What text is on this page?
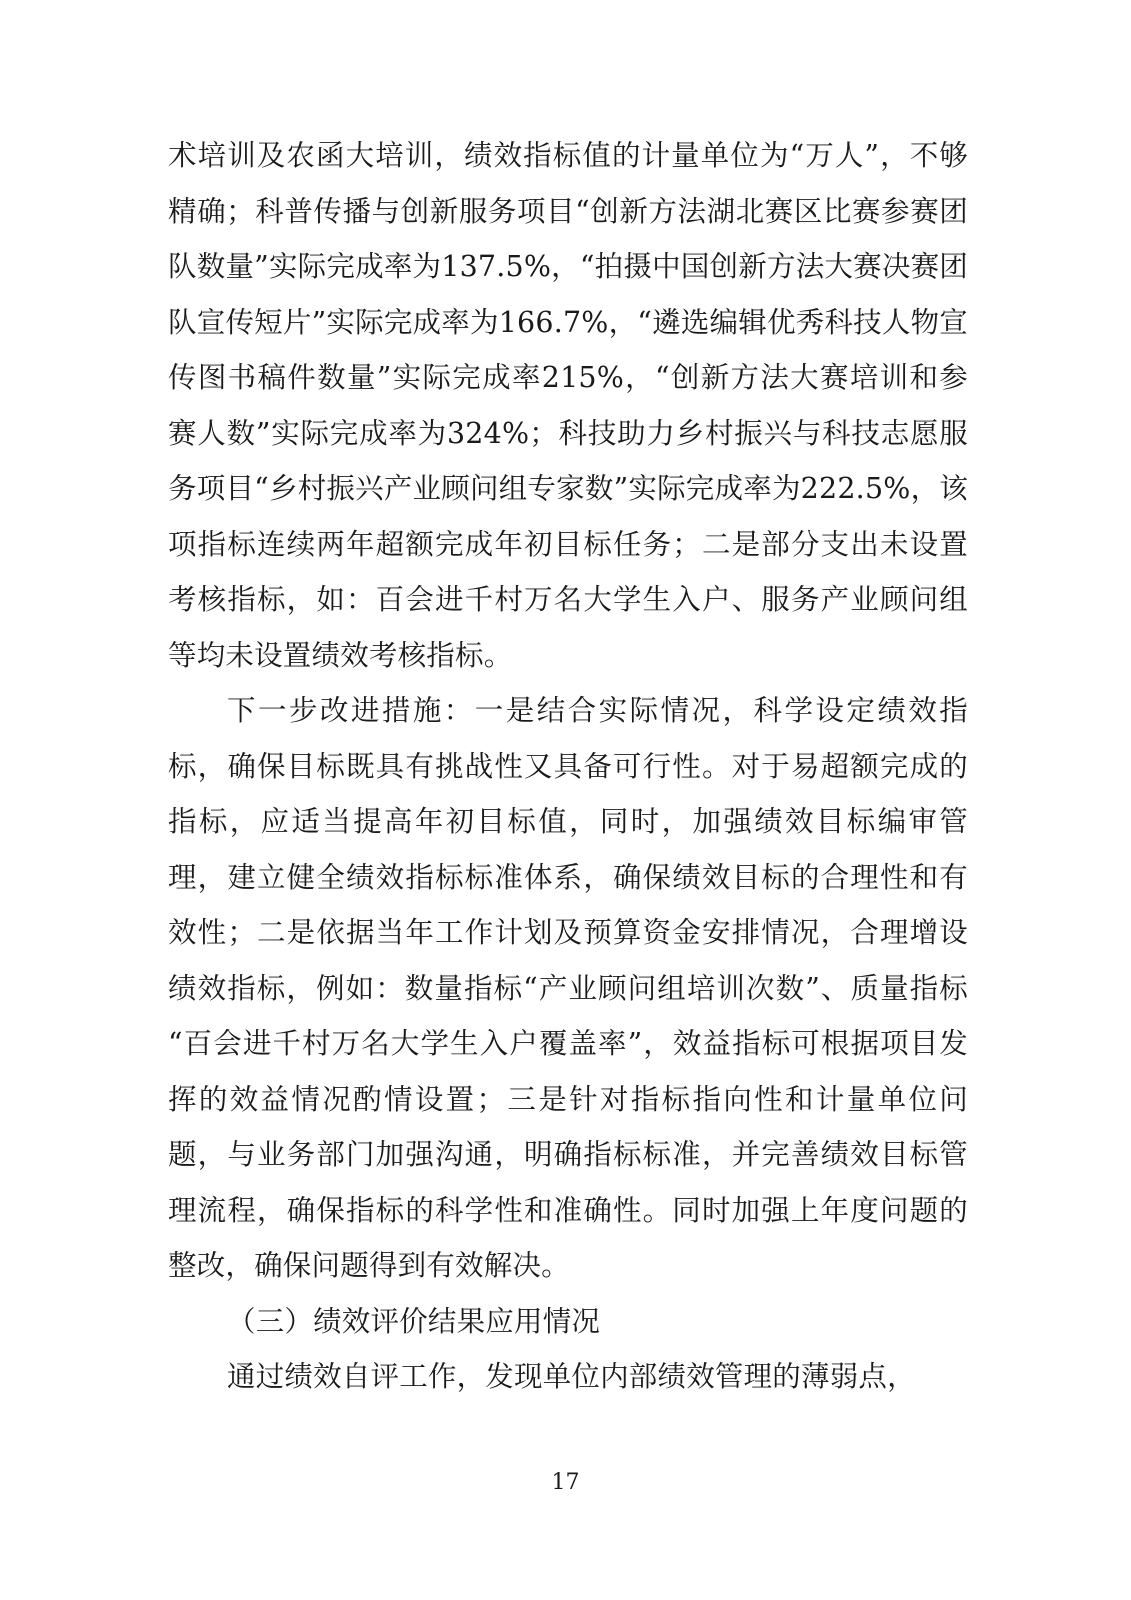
术培训及农函大培训，绩效指标值的计量单位为“万人”，不够精确；科普传播与创新服务项目“创新方法湖北赛区比赛参赛团队数量”实际完成率为137.5%，“拍摄中国创新方法大赛决赛团队宣传短片”实际完成率为166.7%，“遴选编辑优秀科技人物宣传图书稿件数量”实际完成率215%，“创新方法大赛培训和参赛人数”实际完成率为324%；科技助力乡村振兴与科技志愿服务项目“乡村振兴产业顾问组专家数”实际完成率为222.5%，该项指标连续两年超额完成年初目标任务；二是部分支出未设置考核指标，如：百会进千村万名大学生入户、服务产业顾问组等均未设置绩效考核指标。

下一步改进措施：一是结合实际情况，科学设定绩效指标，确保目标既具有挑战性又具备可行性。对于易超额完成的指标，应适当提高年初目标值，同时，加强绩效目标编审管理，建立健全绩效指标标准体系，确保绩效目标的合理性和有效性；二是依据当年工作计划及预算资金安排情况，合理增设绩效指标，例如：数量指标“产业顾问组培训次数”、质量指标“百会进千村万名大学生入户覆盖率”，效益指标可根据项目发挥的效益情况酌情设置；三是针对指标指向性和计量单位问题，与业务部门加强沟通，明确指标标准，并完善绩效目标管理流程，确保指标的科学性和准确性。同时加强上年度问题的整改，确保问题得到有效解决。

（三）绩效评价结果应用情况

通过绩效自评工作，发现单位内部绩效管理的薄弱点，

17
